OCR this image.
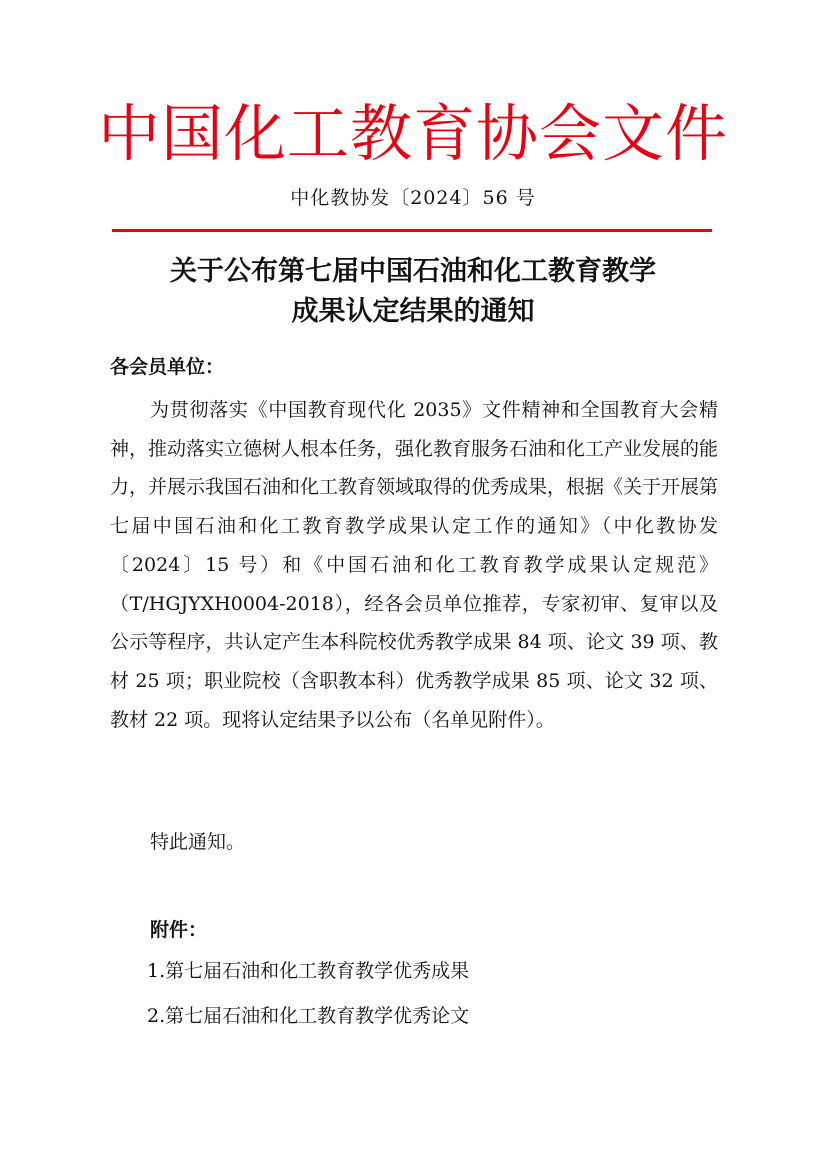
中国化工教育协会文件
中化教协发〔2024〕56 号
关于公布第七届中国石油和化工教育教学
成果认定结果的通知
各会员单位：
为贯彻落实《中国教育现代化 2035》文件精神和全国教育大会精神，推动落实立德树人根本任务，强化教育服务石油和化工产业发展的能力，并展示我国石油和化工教育领域取得的优秀成果，根据《关于开展第七届中国石油和化工教育教学成果认定工作的通知》（中化教协发〔2024〕15 号）和《中国石油和化工教育教学成果认定规范》（T/HGJYXH0004-2018），经各会员单位推荐，专家初审、复审以及公示等程序，共认定产生本科院校优秀教学成果 84 项、论文 39 项、教材 25 项；职业院校（含职教本科）优秀教学成果 85 项、论文 32 项、教材 22 项。现将认定结果予以公布（名单见附件）。
特此通知。
附件：
1.第七届石油和化工教育教学优秀成果
2.第七届石油和化工教育教学优秀论文
